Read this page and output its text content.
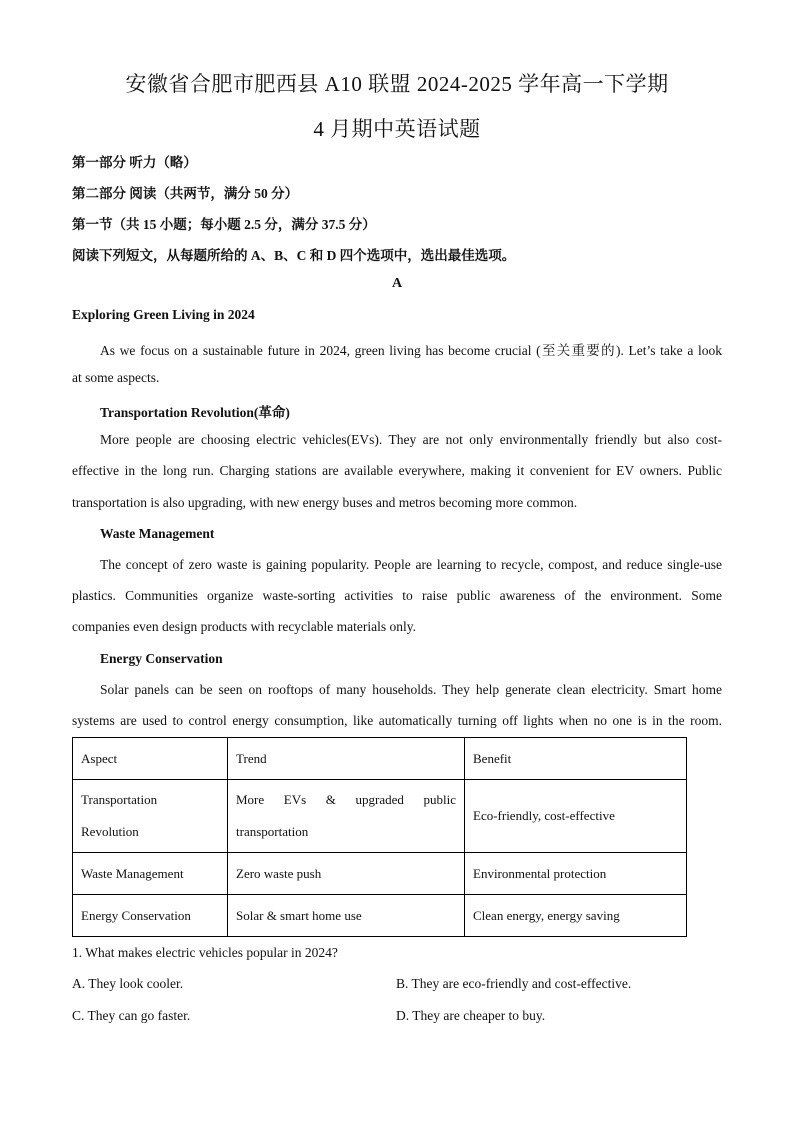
安徽省合肥市肥西县 A10 联盟 2024-2025 学年高一下学期
4 月期中英语试题
第一部分 听力（略）
第二部分 阅读（共两节，满分 50 分）
第一节（共 15 小题；每小题 2.5 分，满分 37.5 分）
阅读下列短文，从每题所给的 A、B、C 和 D 四个选项中，选出最佳选项。
A
Exploring Green Living in 2024
As we focus on a sustainable future in 2024, green living has become crucial (至关重要的). Let’s take a look
at some aspects.
Transportation Revolution(革命)
More people are choosing electric vehicles(EVs). They are not only environmentally friendly but also cost-
effective in the long run. Charging stations are available everywhere, making it convenient for EV owners. Public
transportation is also upgrading, with new energy buses and metros becoming more common.
Waste Management
The concept of zero waste is gaining popularity. People are learning to recycle, compost, and reduce single-use
plastics. Communities organize waste-sorting activities to raise public awareness of the environment. Some
companies even design products with recyclable materials only.
Energy Conservation
Solar panels can be seen on rooftops of many households. They help generate clean electricity. Smart home
systems are used to control energy consumption, like automatically turning off lights when no one is in the room.
Aspect	Trend	Benefit

Transportation Revolution	More EVs & upgraded public transportation	Eco-friendly, cost-effective
Waste Management	Zero waste push	Environmental protection
Energy Conservation	Solar & smart home use	Clean energy, energy saving
1. What makes electric vehicles popular in 2024?
A. They look cooler.	B. They are eco-friendly and cost-effective.
C. They can go faster.	D. They are cheaper to buy.
